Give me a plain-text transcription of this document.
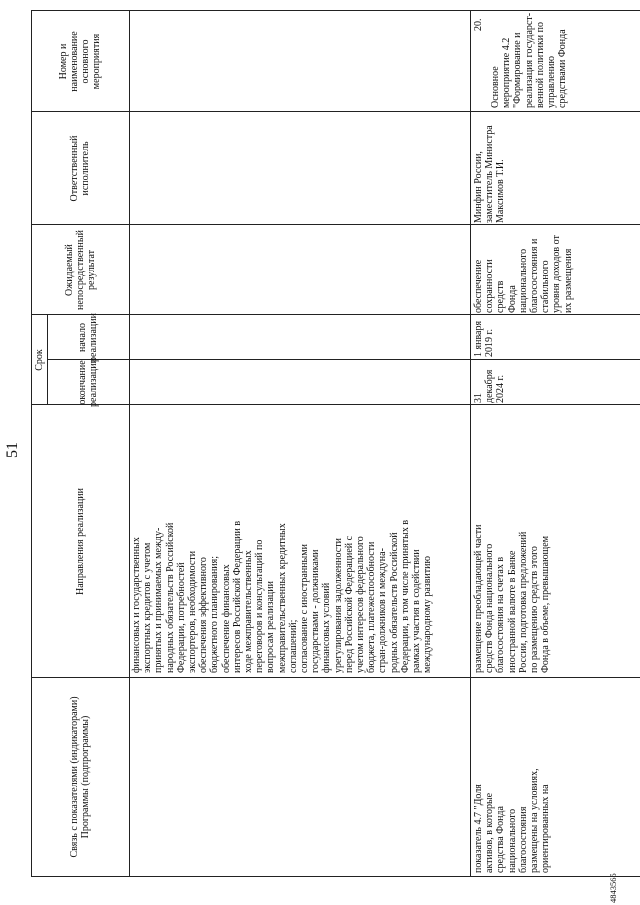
51
4843565
Связь с показателями (индикаторами) Программы (подпрограммы)
Направления реализации
Срок
окончание реализации
начало реализации
Ожидаемый непосредственный результат
Ответственный исполнитель
Номер и наименование основного мероприятия
финансовых и государственных
экспортных кредитов с учетом
принятых и принимаемых между-
народных обязательств Российской
Федерации, потребностей
экспортеров, необходимости
обеспечения эффективного
бюджетного планирования;
обеспечение финансовых
интересов Российской Федерации в
ходе межправительственных
переговоров и консультаций по
вопросам реализации
межправительственных кредитных
соглашений;
согласование с иностранными
государствами - должниками
финансовых условий
урегулирования задолженности
перед Российской Федерацией с
учетом интересов федерального
бюджета, платежеспособности
стран-должников и междуна-
родных обязательств Российской
Федерации, в том числе принятых в
рамках участия в содействии
международному развитию
показатель 4.7 "Доля
активов, в которые
средства Фонда
национального
благосостояния
размещены на условиях,
ориентированных на
размещение преобладающей части
средств Фонда национального
благосостояния на счетах в
иностранной валюте в Банке
России, подготовка предложений
по размещению средств этого
Фонда в объеме, превышающем
31 декабря
2024 г.
1 января
2019 г.
обеспечение сохранности средств
Фонда национального
благосостояния и стабильного
уровня доходов от их размещения
Минфин России,
заместитель Министра
Максимов Т.И.
Основное
мероприятие 4.2
"Формирование и
реализация государст-
венной политики по
управлению
средствами Фонда
20.
